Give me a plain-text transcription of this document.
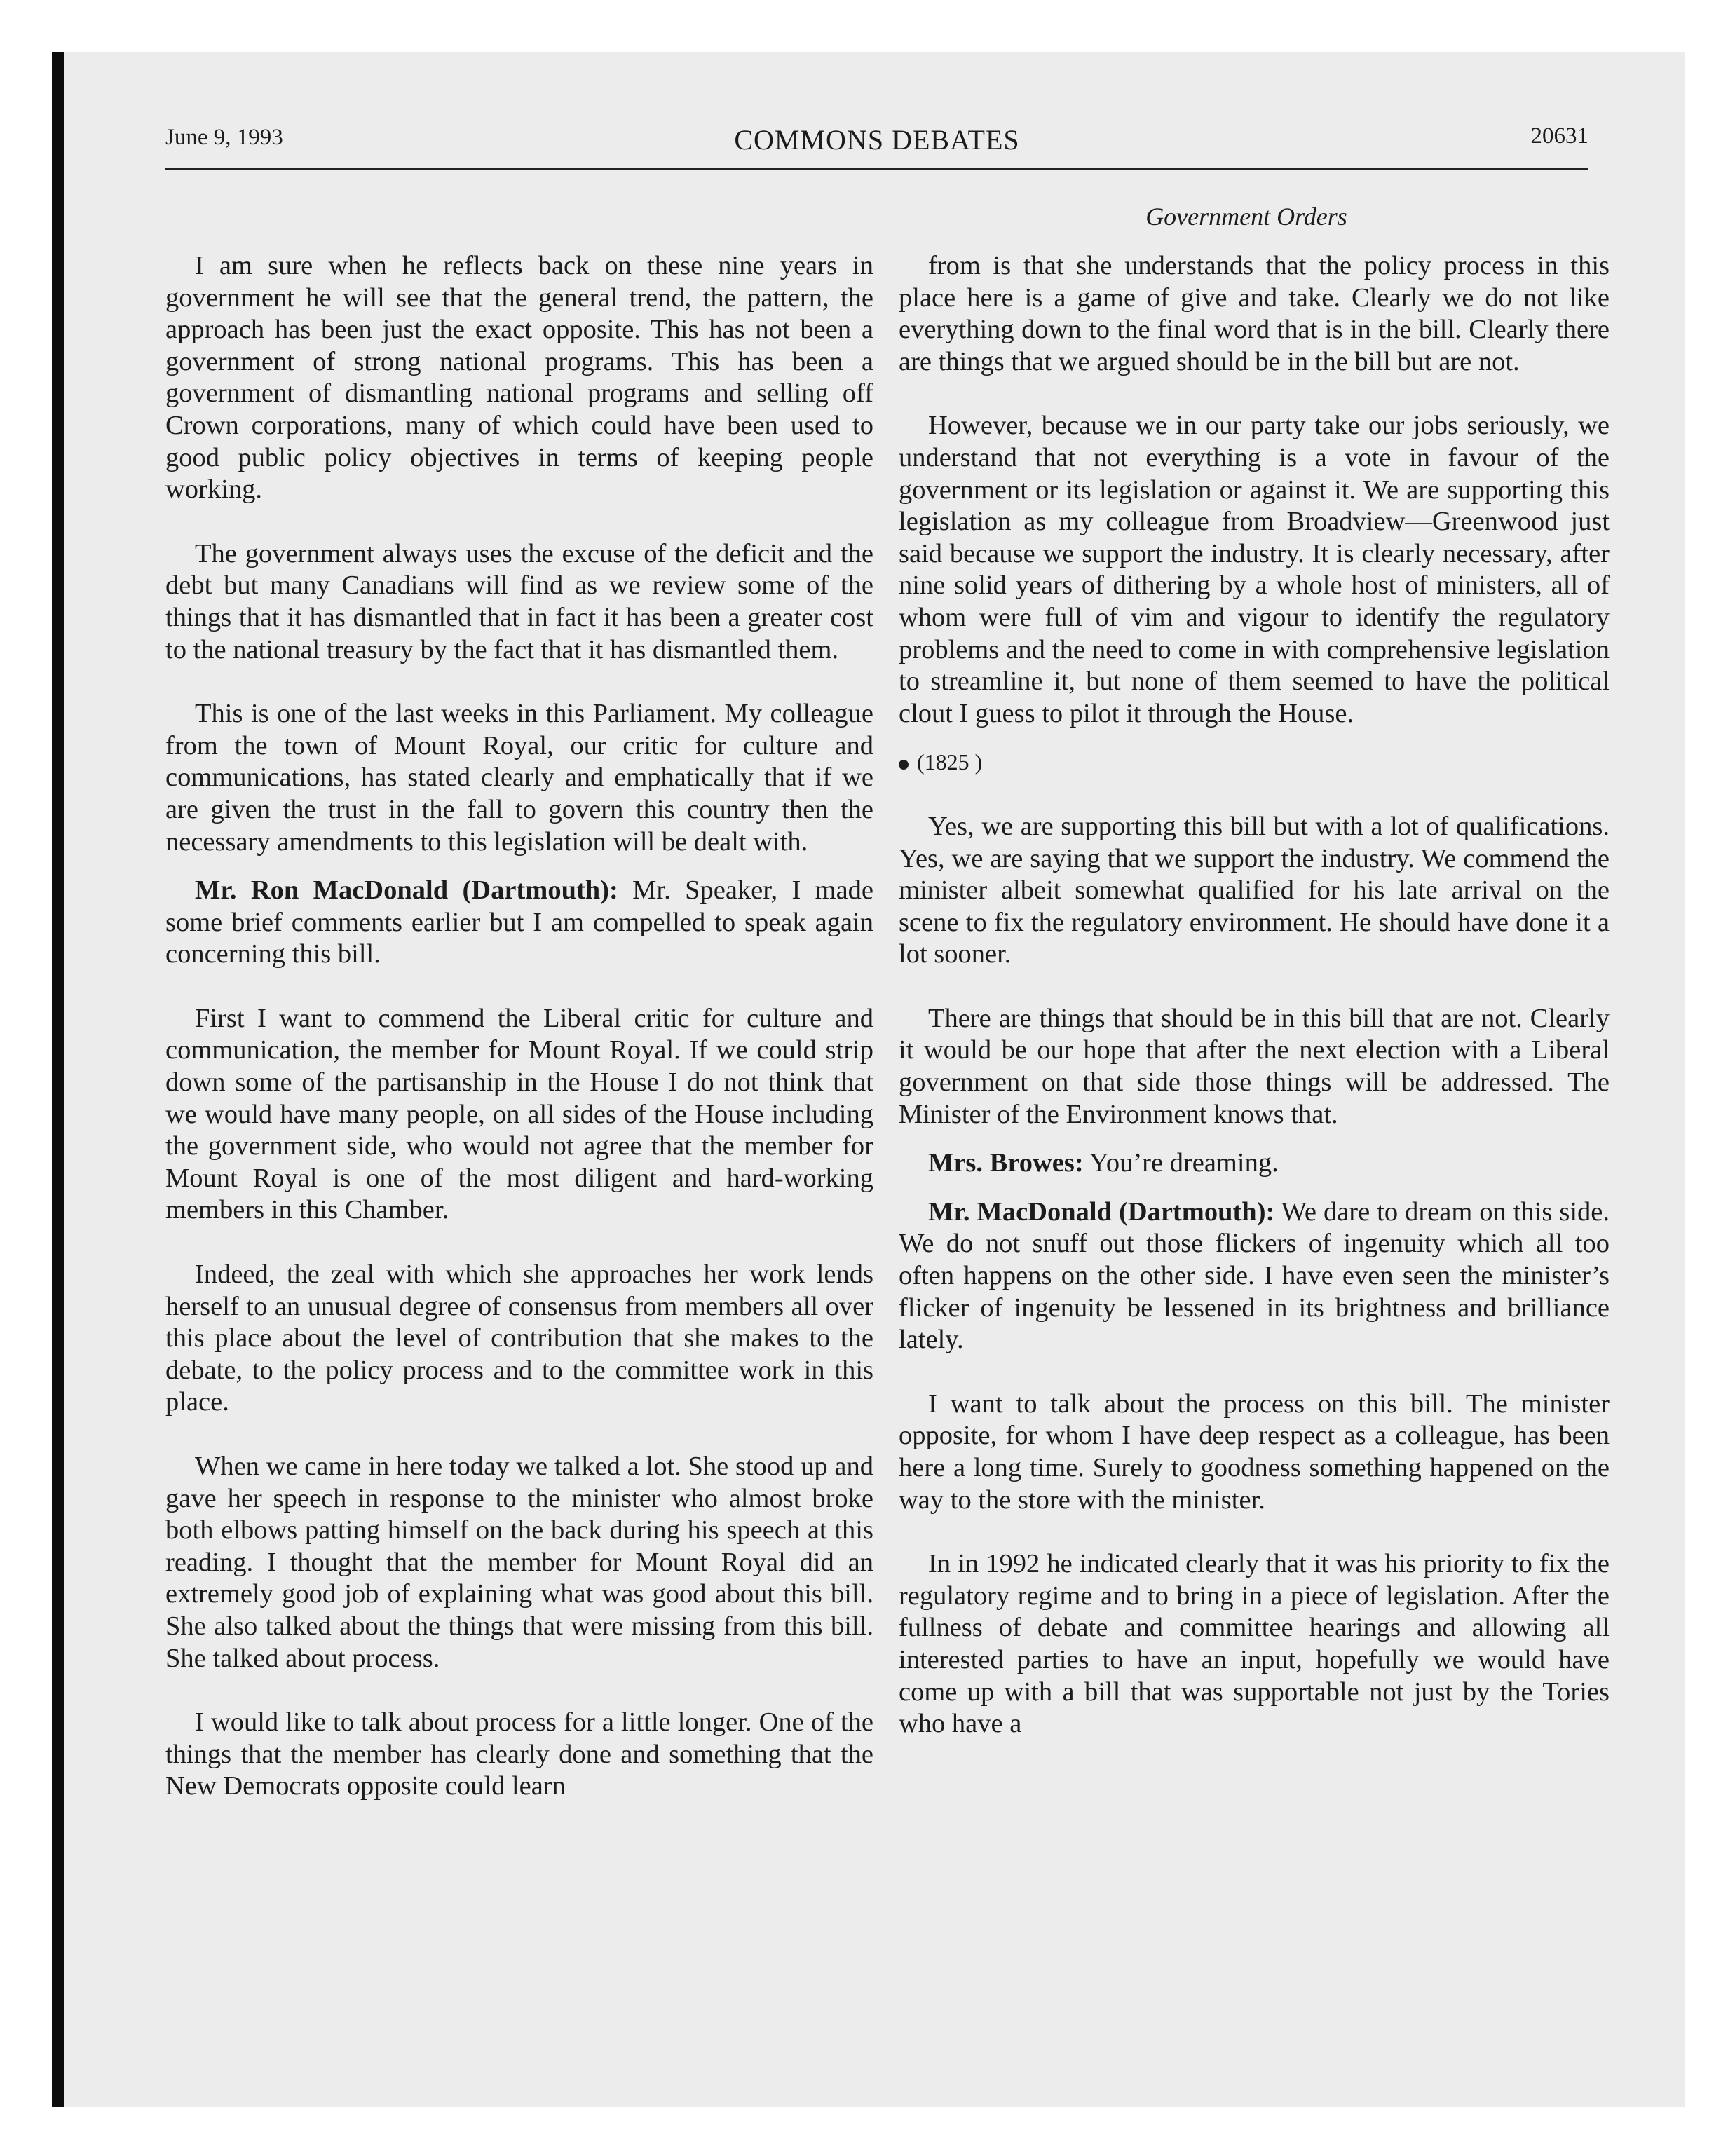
June 9, 1993	COMMONS DEBATES	20631
Government Orders

I am sure when he reflects back on these nine years in government he will see that the general trend, the pattern, the approach has been just the exact opposite. This has not been a government of strong national programs. This has been a government of dismantling national programs and selling off Crown corporations, many of which could have been used to good public policy objectives in terms of keeping people working.

The government always uses the excuse of the deficit and the debt but many Canadians will find as we review some of the things that it has dismantled that in fact it has been a greater cost to the national treasury by the fact that it has dismantled them.

This is one of the last weeks in this Parliament. My colleague from the town of Mount Royal, our critic for culture and communications, has stated clearly and emphatically that if we are given the trust in the fall to govern this country then the necessary amendments to this legislation will be dealt with.

Mr. Ron MacDonald (Dartmouth): Mr. Speaker, I made some brief comments earlier but I am compelled to speak again concerning this bill.

First I want to commend the Liberal critic for culture and communication, the member for Mount Royal. If we could strip down some of the partisanship in the House I do not think that we would have many people, on all sides of the House including the government side, who would not agree that the member for Mount Royal is one of the most diligent and hard-working members in this Chamber.

Indeed, the zeal with which she approaches her work lends herself to an unusual degree of consensus from members all over this place about the level of contribution that she makes to the debate, to the policy process and to the committee work in this place.

When we came in here today we talked a lot. She stood up and gave her speech in response to the minister who almost broke both elbows patting himself on the back during his speech at this reading. I thought that the member for Mount Royal did an extremely good job of explaining what was good about this bill. She also talked about the things that were missing from this bill. She talked about process.

I would like to talk about process for a little longer. One of the things that the member has clearly done and something that the New Democrats opposite could learn

from is that she understands that the policy process in this place here is a game of give and take. Clearly we do not like everything down to the final word that is in the bill. Clearly there are things that we argued should be in the bill but are not.

However, because we in our party take our jobs seriously, we understand that not everything is a vote in favour of the government or its legislation or against it. We are supporting this legislation as my colleague from Broadview—Greenwood just said because we support the industry. It is clearly necessary, after nine solid years of dithering by a whole host of ministers, all of whom were full of vim and vigour to identify the regulatory problems and the need to come in with comprehensive legislation to streamline it, but none of them seemed to have the political clout I guess to pilot it through the House.

(1825 )

Yes, we are supporting this bill but with a lot of qualifications. Yes, we are saying that we support the industry. We commend the minister albeit somewhat qualified for his late arrival on the scene to fix the regulatory environment. He should have done it a lot sooner.

There are things that should be in this bill that are not. Clearly it would be our hope that after the next election with a Liberal government on that side those things will be addressed. The Minister of the Environment knows that.

Mrs. Browes: You’re dreaming.

Mr. MacDonald (Dartmouth): We dare to dream on this side. We do not snuff out those flickers of ingenuity which all too often happens on the other side. I have even seen the minister’s flicker of ingenuity be lessened in its brightness and brilliance lately.

I want to talk about the process on this bill. The minister opposite, for whom I have deep respect as a colleague, has been here a long time. Surely to goodness something happened on the way to the store with the minister.

In in 1992 he indicated clearly that it was his priority to fix the regulatory regime and to bring in a piece of legislation. After the fullness of debate and committee hearings and allowing all interested parties to have an input, hopefully we would have come up with a bill that was supportable not just by the Tories who have a
